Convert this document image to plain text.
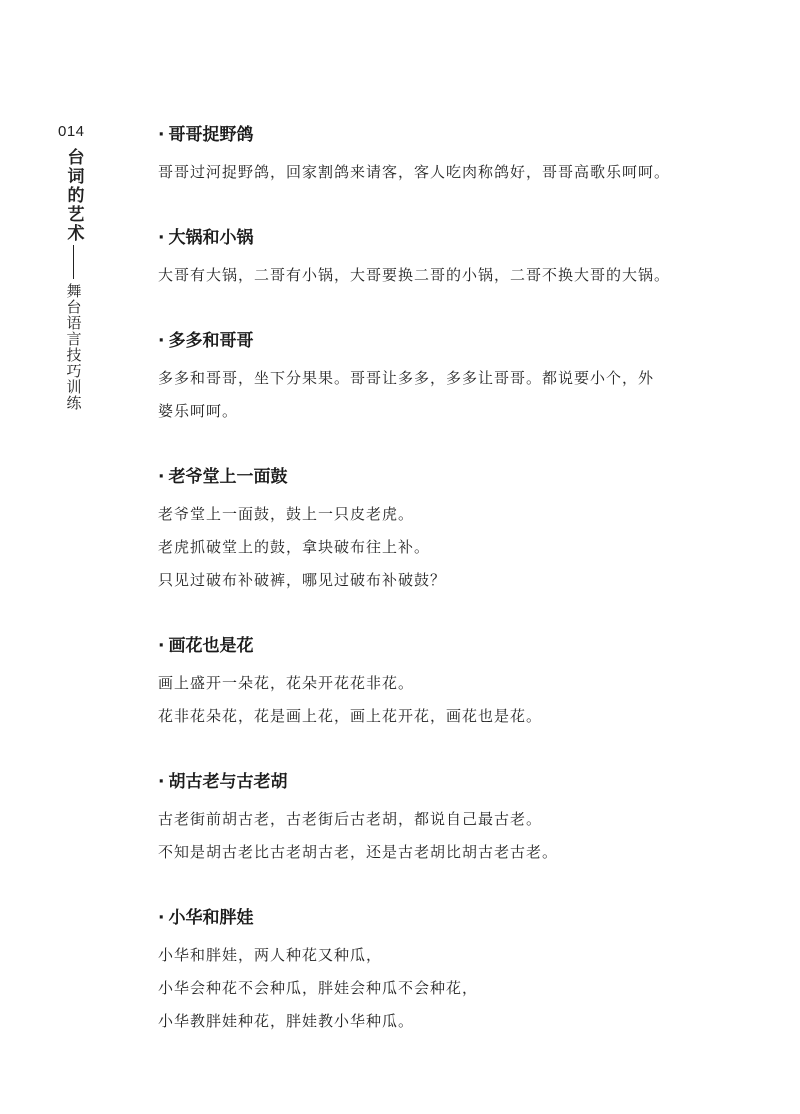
014
台词的艺术
舞台语言技巧训练
· 哥哥捉野鸽
哥哥过河捉野鸽，回家割鸽来请客，客人吃肉称鸽好，哥哥高歌乐呵呵。
· 大锅和小锅
大哥有大锅，二哥有小锅，大哥要换二哥的小锅，二哥不换大哥的大锅。
· 多多和哥哥
多多和哥哥，坐下分果果。哥哥让多多，多多让哥哥。都说要小个，外
婆乐呵呵。
· 老爷堂上一面鼓
老爷堂上一面鼓，鼓上一只皮老虎。
老虎抓破堂上的鼓，拿块破布往上补。
只见过破布补破裤，哪见过破布补破鼓？
· 画花也是花
画上盛开一朵花，花朵开花花非花。
花非花朵花，花是画上花，画上花开花，画花也是花。
· 胡古老与古老胡
古老街前胡古老，古老街后古老胡，都说自己最古老。
不知是胡古老比古老胡古老，还是古老胡比胡古老古老。
· 小华和胖娃
小华和胖娃，两人种花又种瓜，
小华会种花不会种瓜，胖娃会种瓜不会种花，
小华教胖娃种花，胖娃教小华种瓜。
